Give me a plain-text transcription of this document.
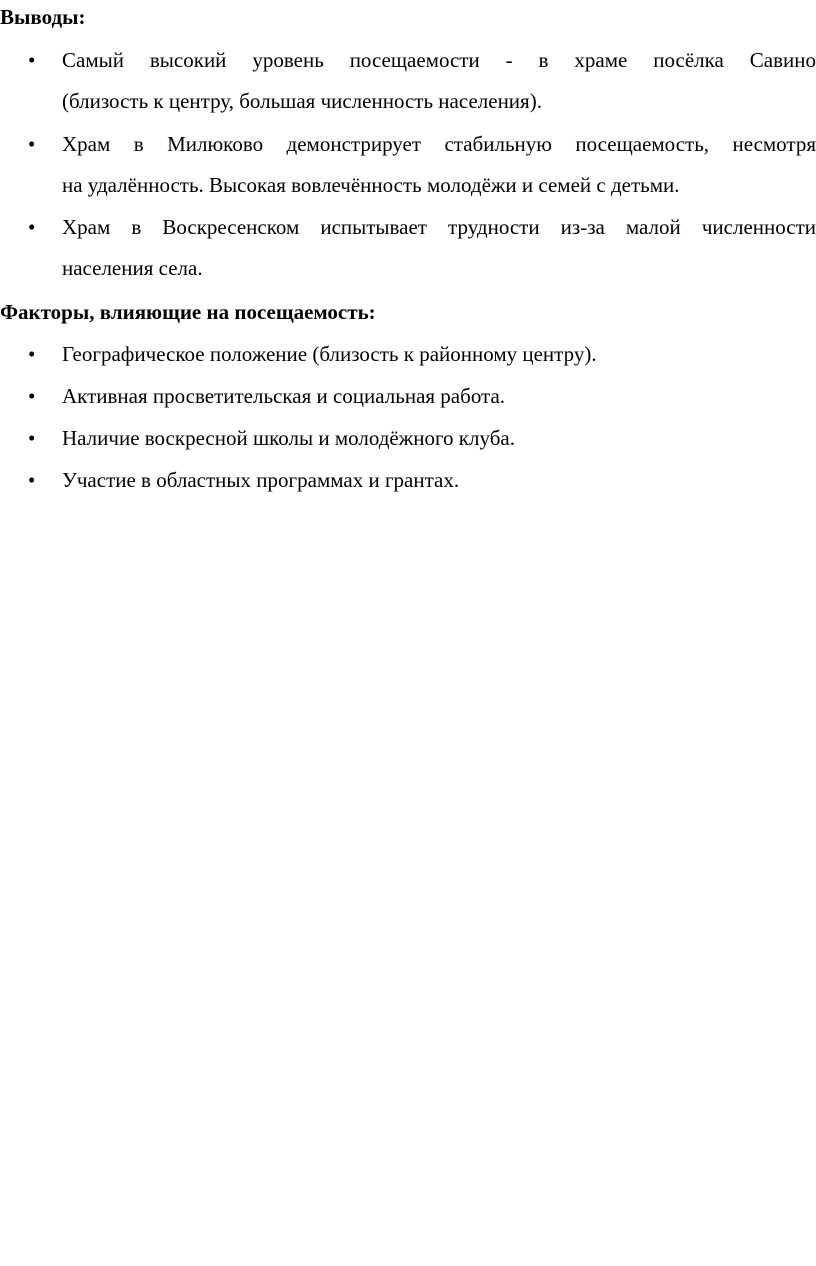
Выводы:
• Самый высокий уровень посещаемости - в храме посёлка Савино
(близость к центру, большая численность населения).
• Храм в Милюково демонстрирует стабильную посещаемость, несмотря
на удалённость. Высокая вовлечённость молодёжи и семей с детьми.
• Храм в Воскресенском испытывает трудности из-за малой численности
населения села.
Факторы, влияющие на посещаемость:
• Географическое положение (близость к районному центру).
• Активная просветительская и социальная работа.
• Наличие воскресной школы и молодёжного клуба.
• Участие в областных программах и грантах.
